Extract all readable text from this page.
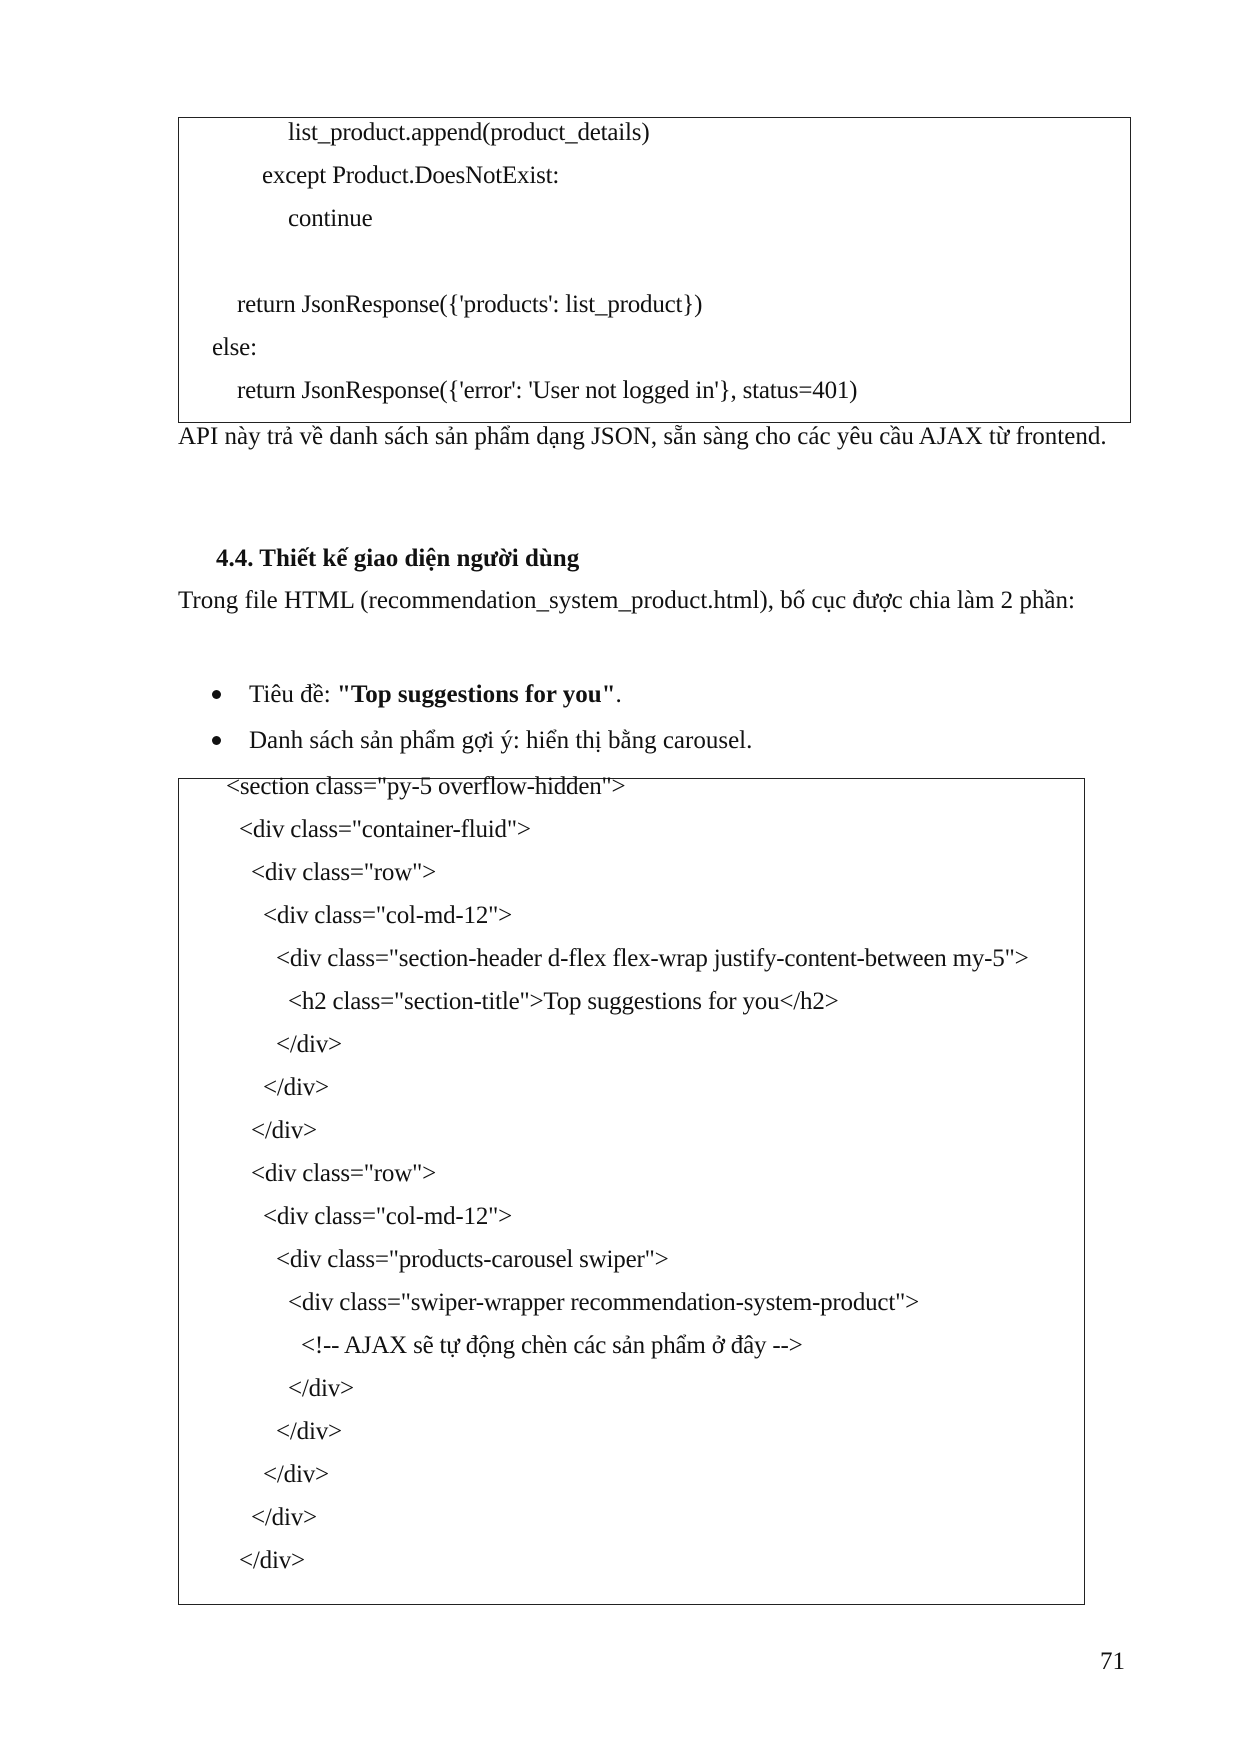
list_product.append(product_details)
except Product.DoesNotExist:
continue
return JsonResponse({'products': list_product})
else:
return JsonResponse({'error': 'User not logged in'}, status=401)
API này trả về danh sách sản phẩm dạng JSON, sẵn sàng cho các yêu cầu AJAX từ frontend.
4.4. Thiết kế giao diện người dùng
Trong file HTML (recommendation_system_product.html), bố cục được chia làm 2 phần:
Tiêu đề: "Top suggestions for you".
Danh sách sản phẩm gợi ý: hiển thị bằng carousel.
<section class="py-5 overflow-hidden">
<div class="container-fluid">
<div class="row">
<div class="col-md-12">
<div class="section-header d-flex flex-wrap justify-content-between my-5">
<h2 class="section-title">Top suggestions for you</h2>
</div>
</div>
</div>
<div class="row">
<div class="col-md-12">
<div class="products-carousel swiper">
<div class="swiper-wrapper recommendation-system-product">
<!-- AJAX sẽ tự động chèn các sản phẩm ở đây -->
</div>
</div>
</div>
</div>
</div>
71
